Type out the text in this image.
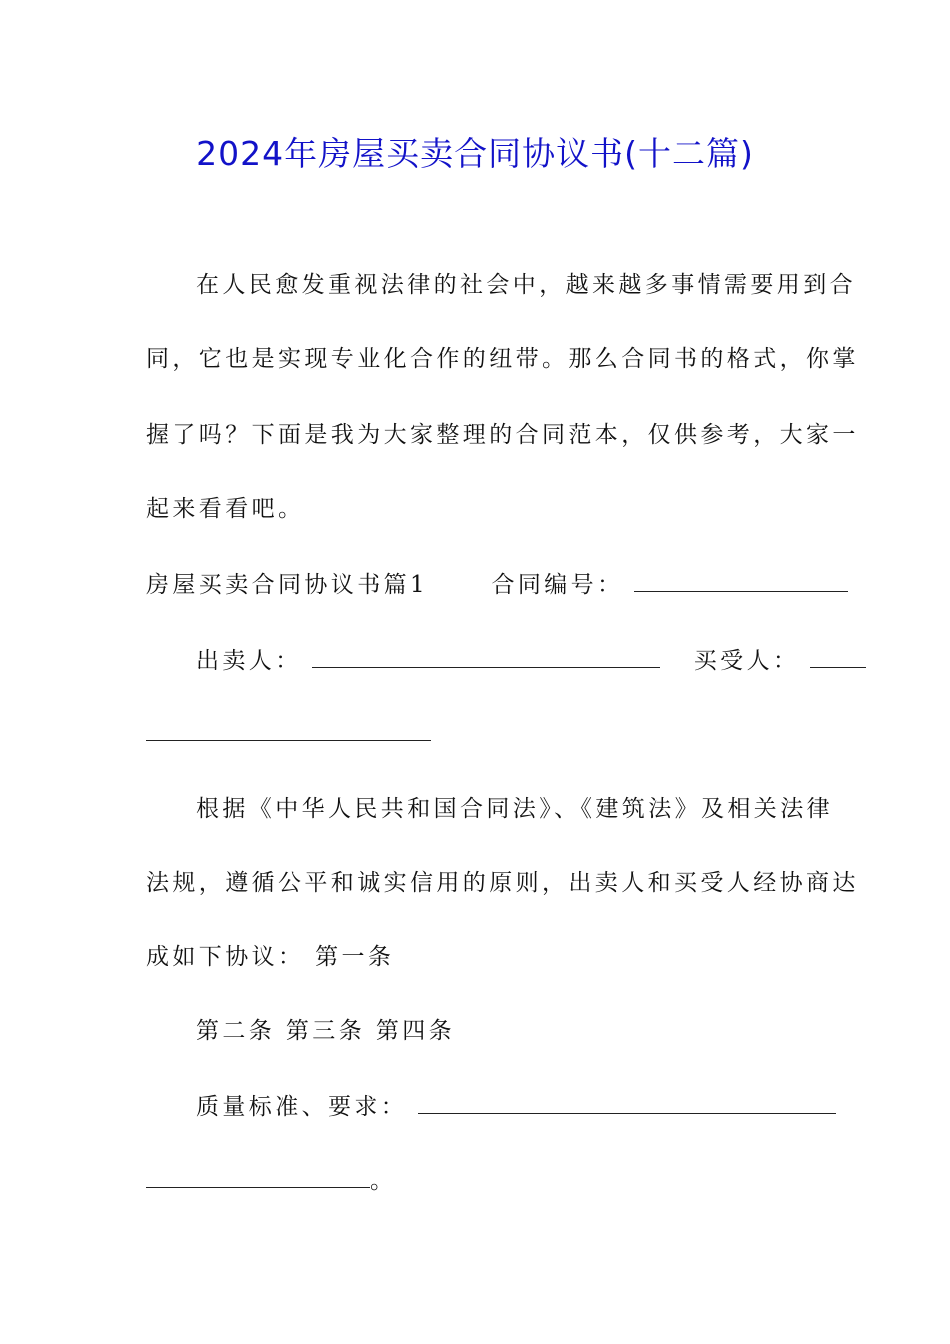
2024年房屋买卖合同协议书(十二篇)
在人民愈发重视法律的社会中，越来越多事情需要用到合
同，它也是实现专业化合作的纽带。那么合同书的格式，你掌
握了吗？下面是我为大家整理的合同范本，仅供参考，大家一
起来看看吧。
房屋买卖合同协议书篇1	合同编号：
出卖人：	买受人：
根据《中华人民共和国合同法》、《建筑法》及相关法律
法规，遵循公平和诚实信用的原则，出卖人和买受人经协商达
成如下协议： 第一条
第二条 第三条 第四条
质量标准、要求：
。
